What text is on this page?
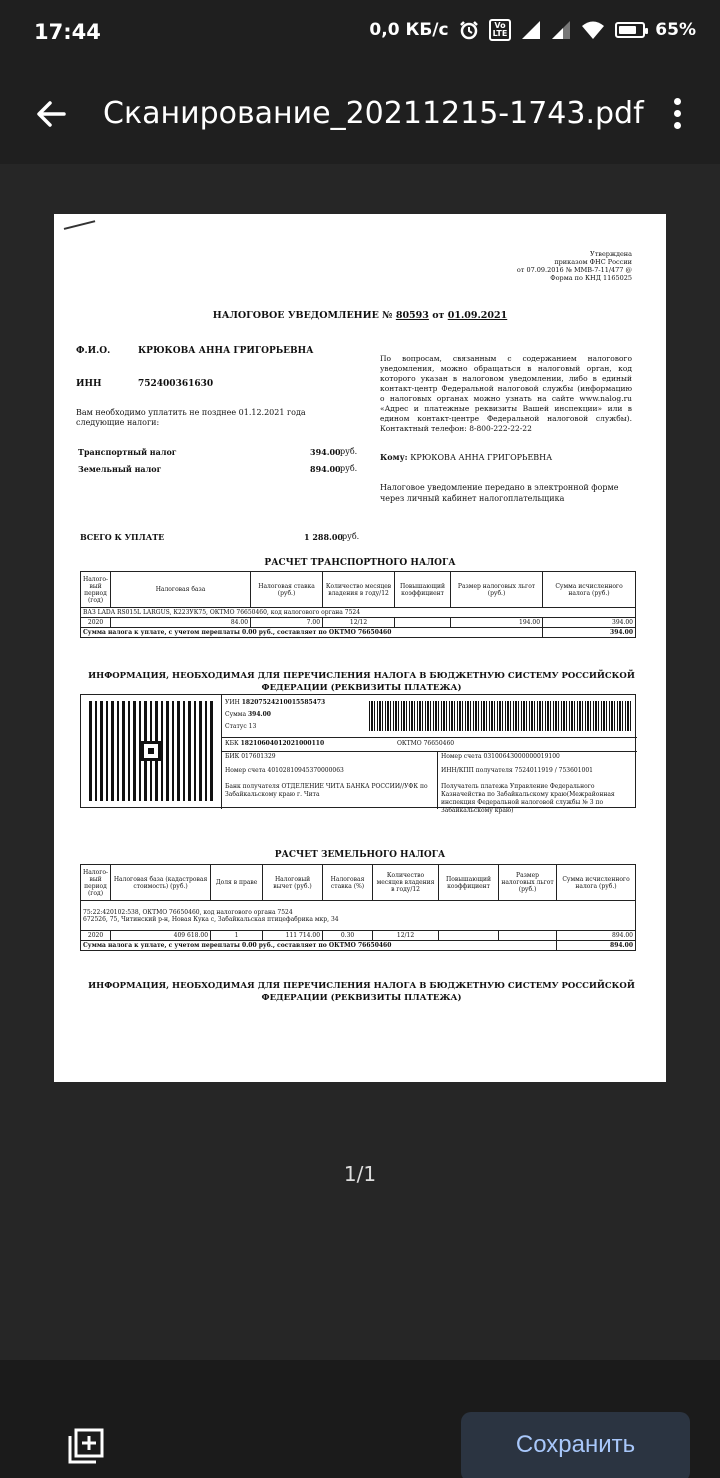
17:44	0,0 КБ/с	Vo
LTE	65%
Сканирование_20211215-1743.pdf
Утверждена
приказом ФНС России
от 07.09.2016 № ММВ-7-11/477 @
Форма по КНД 1165025
НАЛОГОВОЕ УВЕДОМЛЕНИЕ № 80593 от 01.09.2021
Ф.И.О.	КРЮКОВА АННА ГРИГОРЬЕВНА
ИНН	752400361630
Вам необходимо уплатить не позднее 01.12.2021 года следующие налоги:
Транспортный налог	394.00 руб.
Земельный налог	894.00 руб.
ВСЕГО К УПЛАТЕ	1 288.00 руб.
По вопросам, связанным с содержанием налогового уведомления, можно обращаться в налоговый орган, код которого указан в налоговом уведомлении, либо в единый контакт-центр Федеральной налоговой службы (информацию о налоговых органах можно узнать на сайте www.nalog.ru «Адрес и платежные реквизиты Вашей инспекции» или в едином контакт-центре Федеральной налоговой службы). Контактный телефон: 8-800-222-22-22
Кому: КРЮКОВА АННА ГРИГОРЬЕВНА
Налоговое уведомление передано в электронной форме через личный кабинет налогоплательщика
РАСЧЕТ ТРАНСПОРТНОГО НАЛОГА
Налого-вый период (год)	Налоговая база	Налоговая ставка (руб.)	Количество месяцев владения в году/12	Повышающий коэффициент	Размер налоговых льгот (руб.)	Сумма исчисленного налога (руб.)
ВАЗ LADA RS015L LARGUS, К223УК75, ОКТМО 76650460, код налогового органа 7524						
2020	84.00	7.00	12/12		194.00	394.00
Сумма налога к уплате, с учетом переплаты 0.00 руб., составляет по ОКТМО 76650460						394.00
ИНФОРМАЦИЯ, НЕОБХОДИМАЯ ДЛЯ ПЕРЕЧИСЛЕНИЯ НАЛОГА В БЮДЖЕТНУЮ СИСТЕМУ РОССИЙСКОЙ ФЕДЕРАЦИИ (РЕКВИЗИТЫ ПЛАТЕЖА)
УИН 18207524210015585473
Сумма 394.00
Статус 13
КБК 18210604012021000110	ОКТМО 76650460
БИК 017601329
Номер счета 40102810945370000063
Банк получателя ОТДЕЛЕНИЕ ЧИТА БАНКА РОССИИ//УФК по Забайкальскому краю г. Чита
Номер счета 03100643000000019100
ИНН/КПП получателя 7524011919 / 753601001
Получатель платежа Управление Федерального Казначейства по Забайкальскому краю(Межрайонная инспекция Федеральной налоговой службы № 3 по Забайкальскому краю)
РАСЧЕТ ЗЕМЕЛЬНОГО НАЛОГА
Налого-вый период (год)	Налоговая база (кадастровая стоимость) (руб.)	Доля в праве	Налоговый вычет (руб.)	Налоговая ставка (%)	Количество месяцев владения в году/12	Повышающий коэффициент	Размер налоговых льгот (руб.)	Сумма исчисленного налога (руб.)
75:22:420102:538, ОКТМО 76650460, код налогового органа 7524
672526, 75, Читинский р-н, Новая Кука с, Забайкальская птицефабрика мкр, 34								
2020	409 618.00	1	111 714.00	0.30	12/12			894.00
Сумма налога к уплате, с учетом переплаты 0.00 руб., составляет по ОКТМО 76650460								894.00
ИНФОРМАЦИЯ, НЕОБХОДИМАЯ ДЛЯ ПЕРЕЧИСЛЕНИЯ НАЛОГА В БЮДЖЕТНУЮ СИСТЕМУ РОССИЙСКОЙ ФЕДЕРАЦИИ (РЕКВИЗИТЫ ПЛАТЕЖА)
1/1
Сохранить
